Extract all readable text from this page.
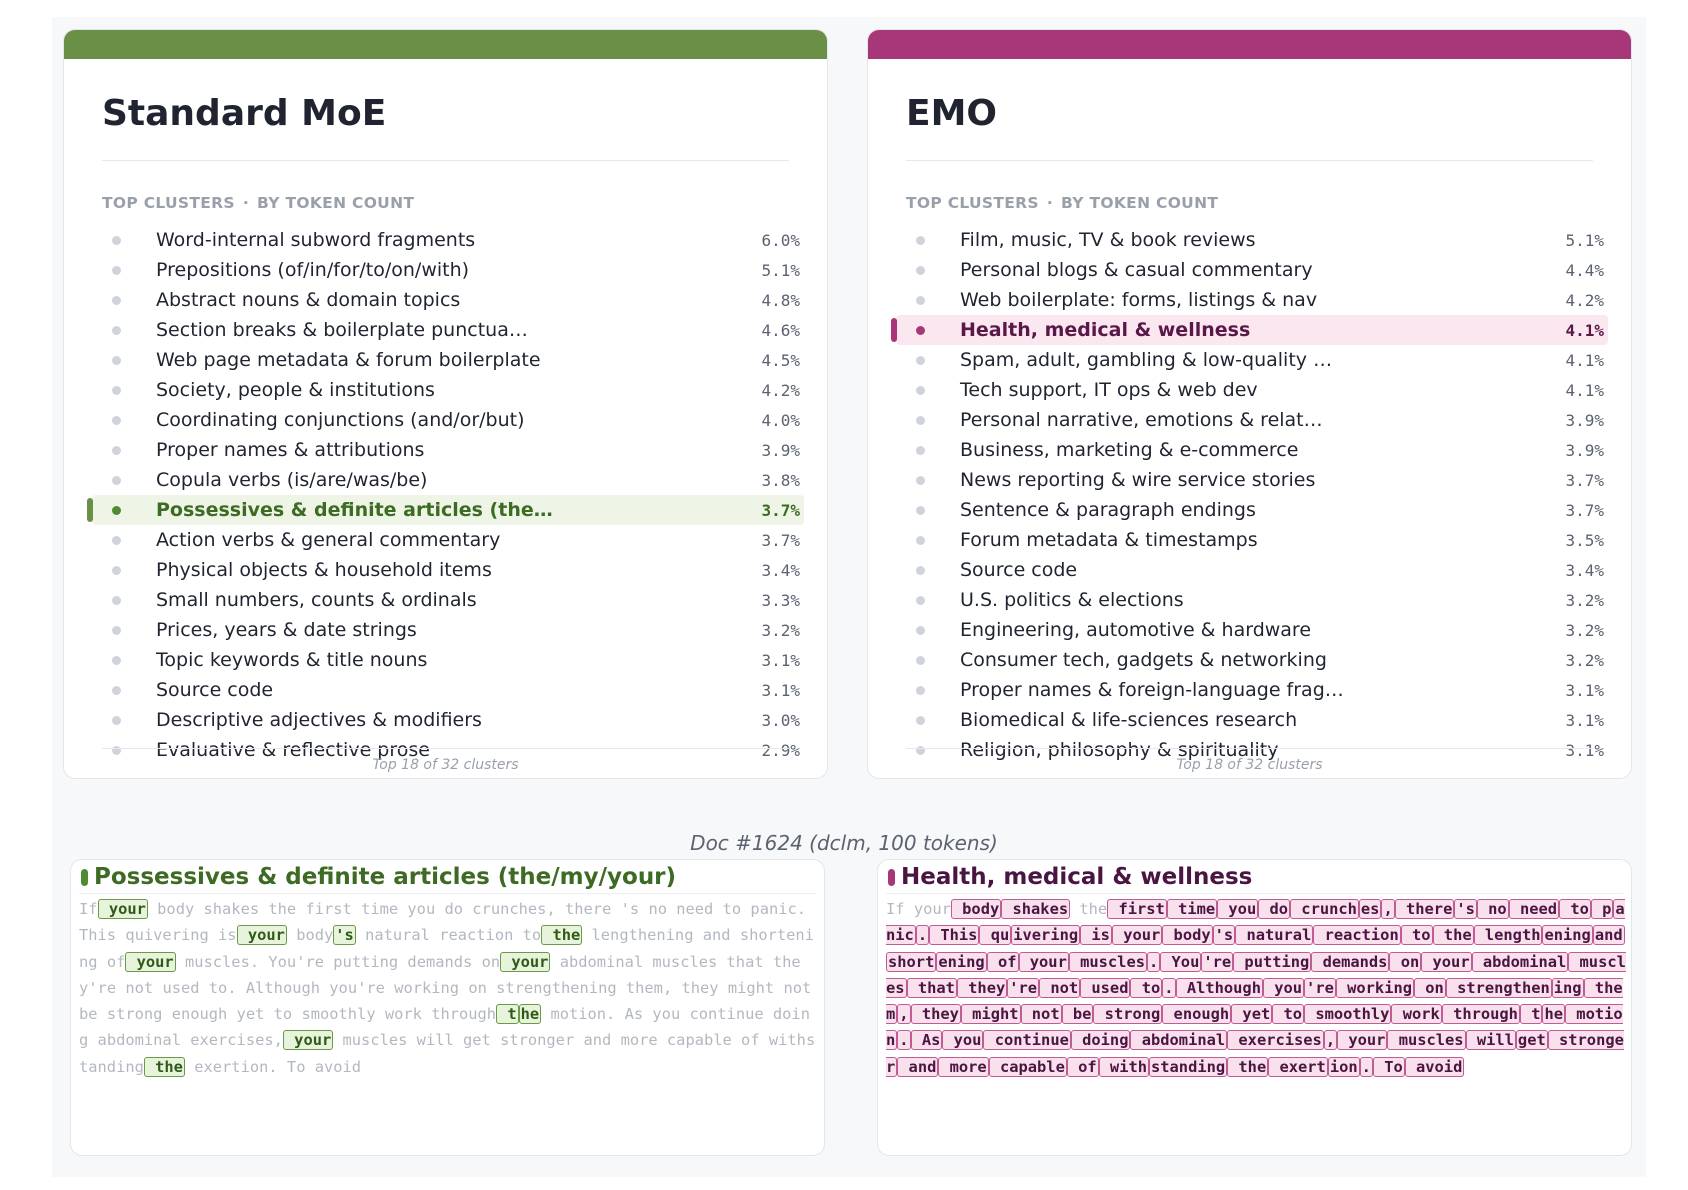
Standard MoE
TOP CLUSTERS · BY TOKEN COUNT
Word-internal subword fragments	6.0%
Prepositions (of/in/for/to/on/with)	5.1%
Abstract nouns & domain topics	4.8%
Section breaks & boilerplate punctua…	4.6%
Web page metadata & forum boilerplate	4.5%
Society, people & institutions	4.2%
Coordinating conjunctions (and/or/but)	4.0%
Proper names & attributions	3.9%
Copula verbs (is/are/was/be)	3.8%
Possessives & definite articles (the…	3.7%
Action verbs & general commentary	3.7%
Physical objects & household items	3.4%
Small numbers, counts & ordinals	3.3%
Prices, years & date strings	3.2%
Topic keywords & title nouns	3.1%
Source code	3.1%
Descriptive adjectives & modifiers	3.0%
Evaluative & reflective prose	2.9%
Top 18 of 32 clusters
EMO
TOP CLUSTERS · BY TOKEN COUNT
Film, music, TV & book reviews	5.1%
Personal blogs & casual commentary	4.4%
Web boilerplate: forms, listings & nav	4.2%
Health, medical & wellness	4.1%
Spam, adult, gambling & low-quality …	4.1%
Tech support, IT ops & web dev	4.1%
Personal narrative, emotions & relat…	3.9%
Business, marketing & e-commerce	3.9%
News reporting & wire service stories	3.7%
Sentence & paragraph endings	3.7%
Forum metadata & timestamps	3.5%
Source code	3.4%
U.S. politics & elections	3.2%
Engineering, automotive & hardware	3.2%
Consumer tech, gadgets & networking	3.2%
Proper names & foreign-language frag…	3.1%
Biomedical & life-sciences research	3.1%
Religion, philosophy & spirituality	3.1%
Top 18 of 32 clusters
Doc #1624 (dclm, 100 tokens)
Possessives & definite articles (the/my/your)
If your body shakes the first time you do crunches, there 's no need to panic. This quivering is your body 's natural reaction to the lengthening and shortening of your muscles. You're putting demands on your abdominal muscles that they're not used to. Although you're working on strengthening them, they might not be strong enough yet to smoothly work through t he motion. As you continue doing abdominal exercises, your muscles will get stronger and more capable of withstanding the exertion. To avoid
Health, medical & wellness
If your body shakes the first time you do crunch es , there 's no need to p anic . This qu ivering is your body 's natural reaction to the length ening and short ening of your muscles . You 're putting demands on your abdominal muscles that they 're not used to . Although you 're working on strengthen ing them , they might not be strong enough yet to smoothly work through t he motion . As you continue doing abdominal exercises , your muscles will get stronger and more capable of with standing the exert ion . To avoid
